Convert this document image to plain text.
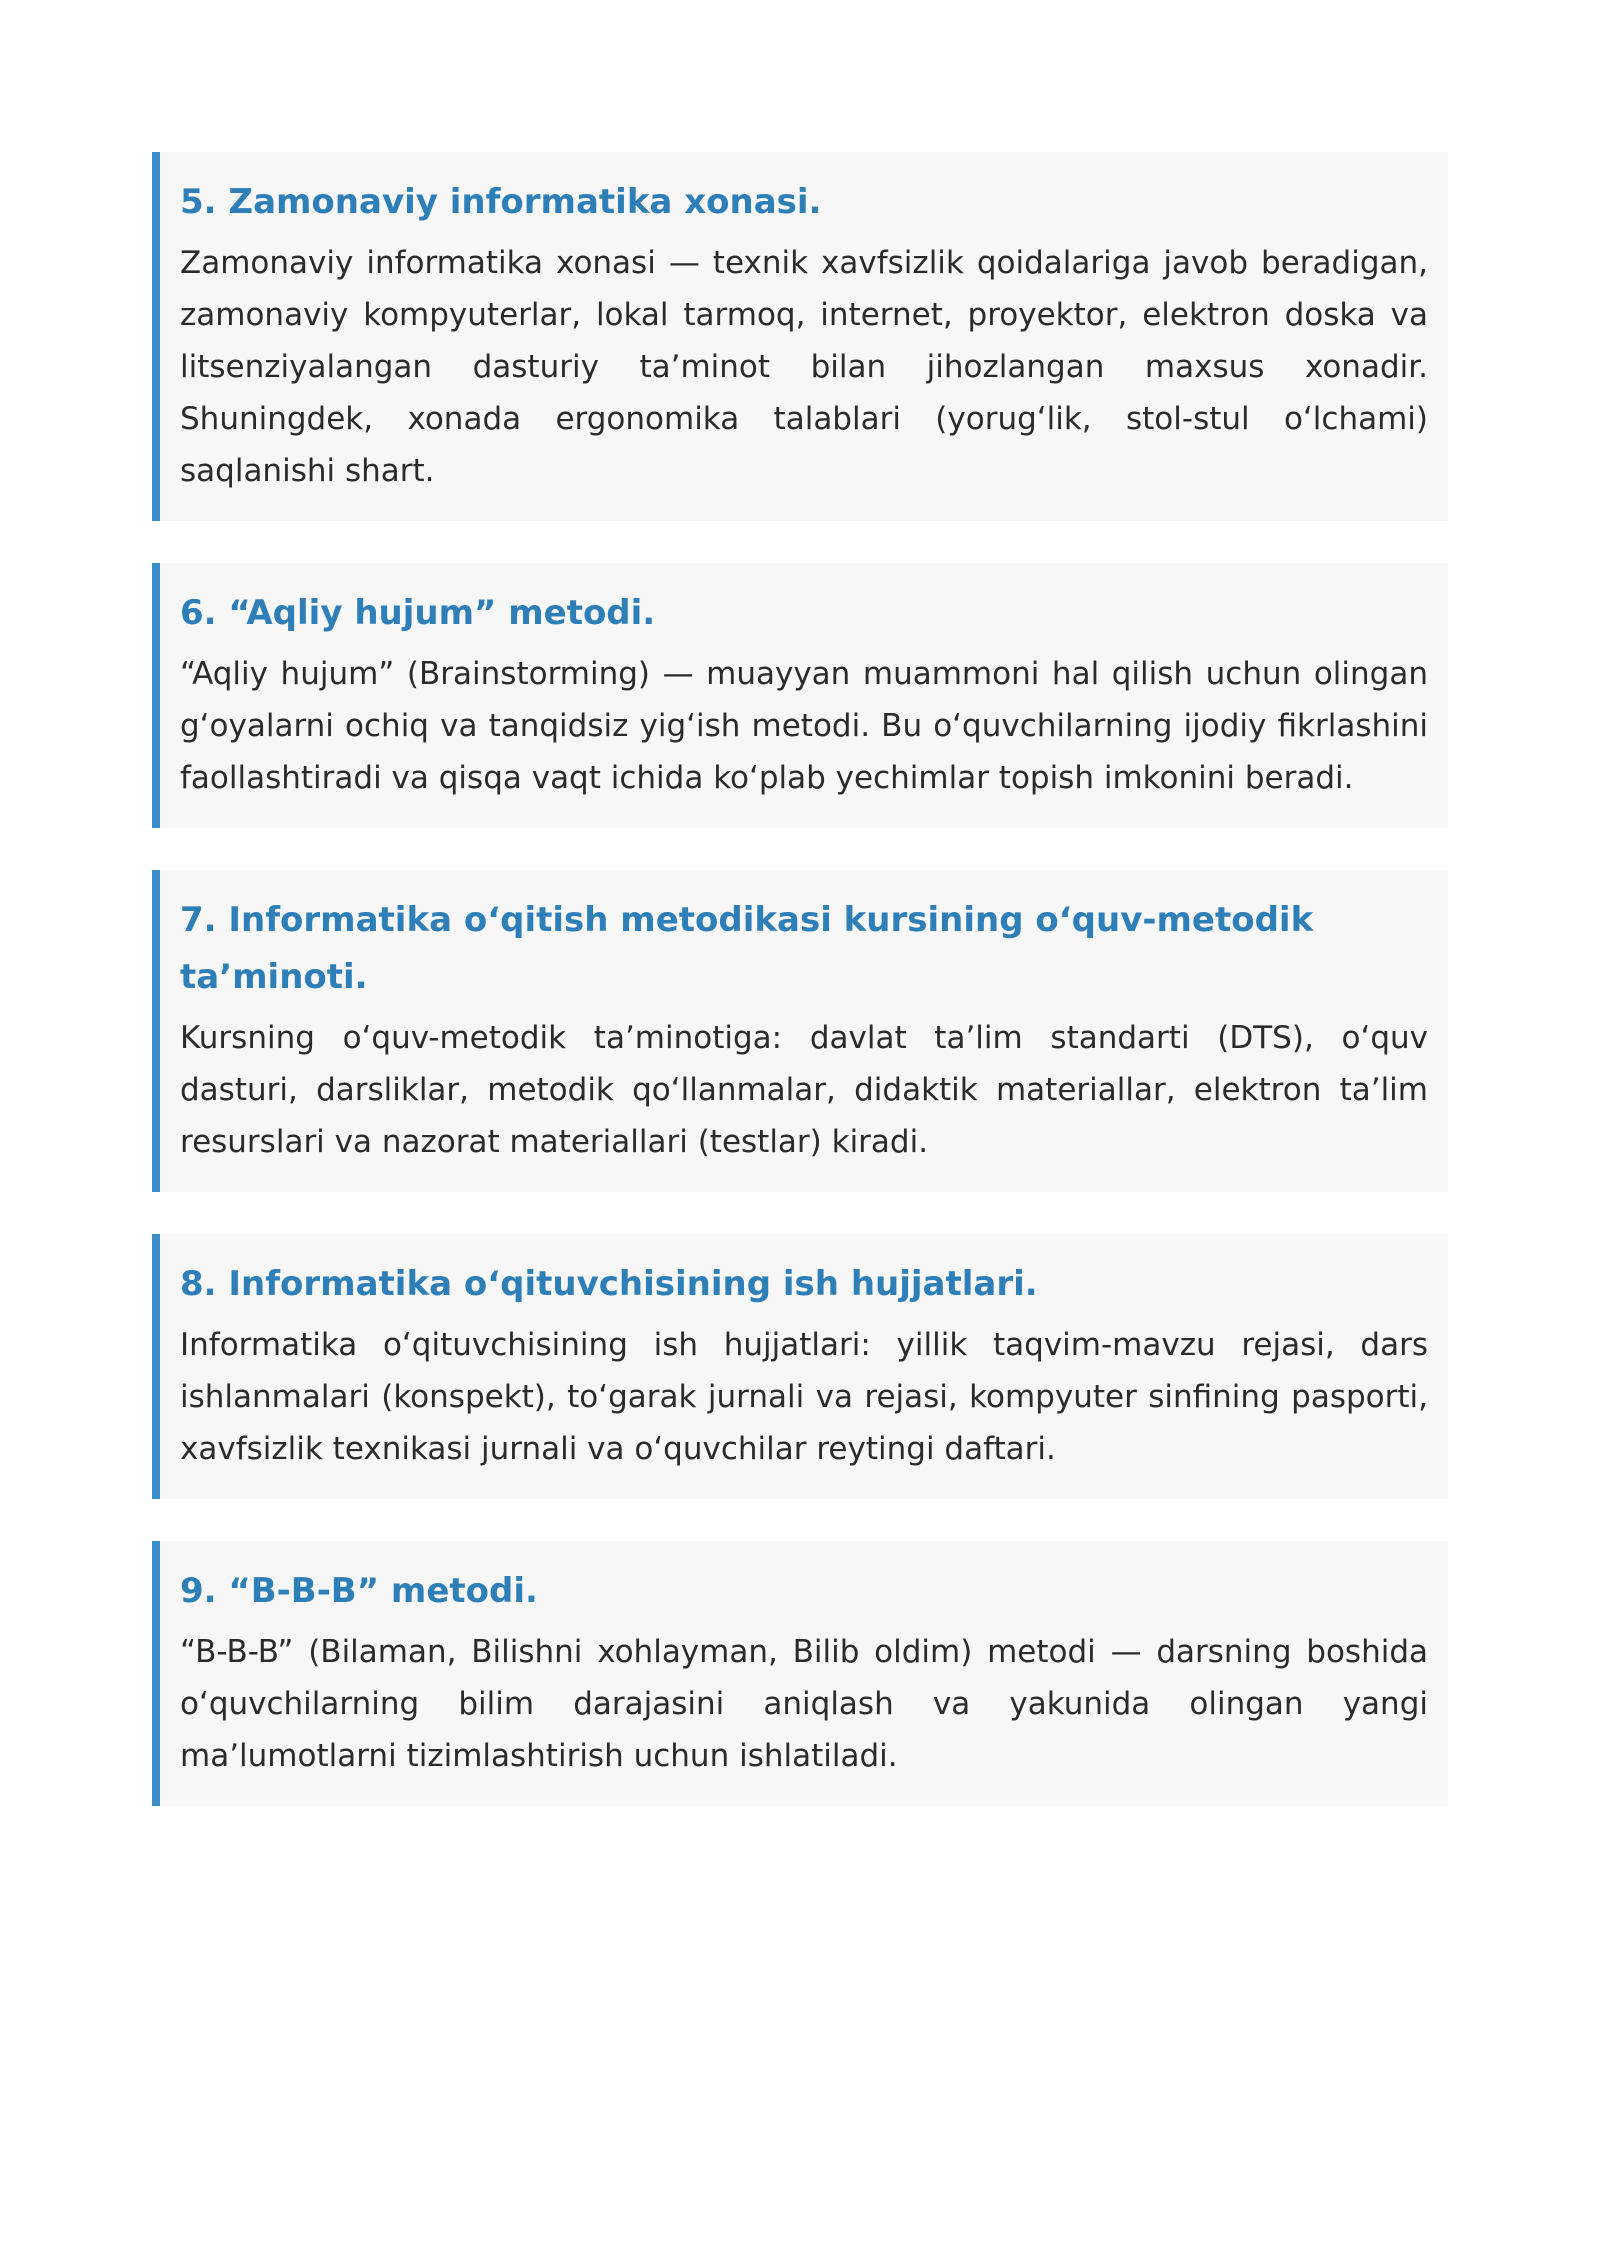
5. Zamonaviy informatika xonasi.

Zamonaviy informatika xonasi — texnik xavfsizlik qoidalariga javob beradigan, zamonaviy kompyuterlar, lokal tarmoq, internet, proyektor, elektron doska va litsenziyalangan dasturiy ta’minot bilan jihozlangan maxsus xonadir. Shuningdek, xonada ergonomika talablari (yorug‘lik, stol-stul o‘lchami) saqlanishi shart.

6. “Aqliy hujum” metodi.

“Aqliy hujum” (Brainstorming) — muayyan muammoni hal qilish uchun olingan g‘oyalarni ochiq va tanqidsiz yig‘ish metodi. Bu o‘quvchilarning ijodiy fikrlashini faollashtiradi va qisqa vaqt ichida ko‘plab yechimlar topish imkonini beradi.

7. Informatika o‘qitish metodikasi kursining o‘quv-metodik ta’minoti.

Kursning o‘quv-metodik ta’minotiga: davlat ta’lim standarti (DTS), o‘quv dasturi, darsliklar, metodik qo‘llanmalar, didaktik materiallar, elektron ta’lim resurslari va nazorat materiallari (testlar) kiradi.

8. Informatika o‘qituvchisining ish hujjatlari.

Informatika o‘qituvchisining ish hujjatlari: yillik taqvim-mavzu rejasi, dars ishlanmalari (konspekt), to‘garak jurnali va rejasi, kompyuter sinfining pasporti, xavfsizlik texnikasi jurnali va o‘quvchilar reytingi daftari.

9. “B-B-B” metodi.

“B-B-B” (Bilaman, Bilishni xohlayman, Bilib oldim) metodi — darsning boshida o‘quvchilarning bilim darajasini aniqlash va yakunida olingan yangi ma’lumotlarni tizimlashtirish uchun ishlatiladi.
